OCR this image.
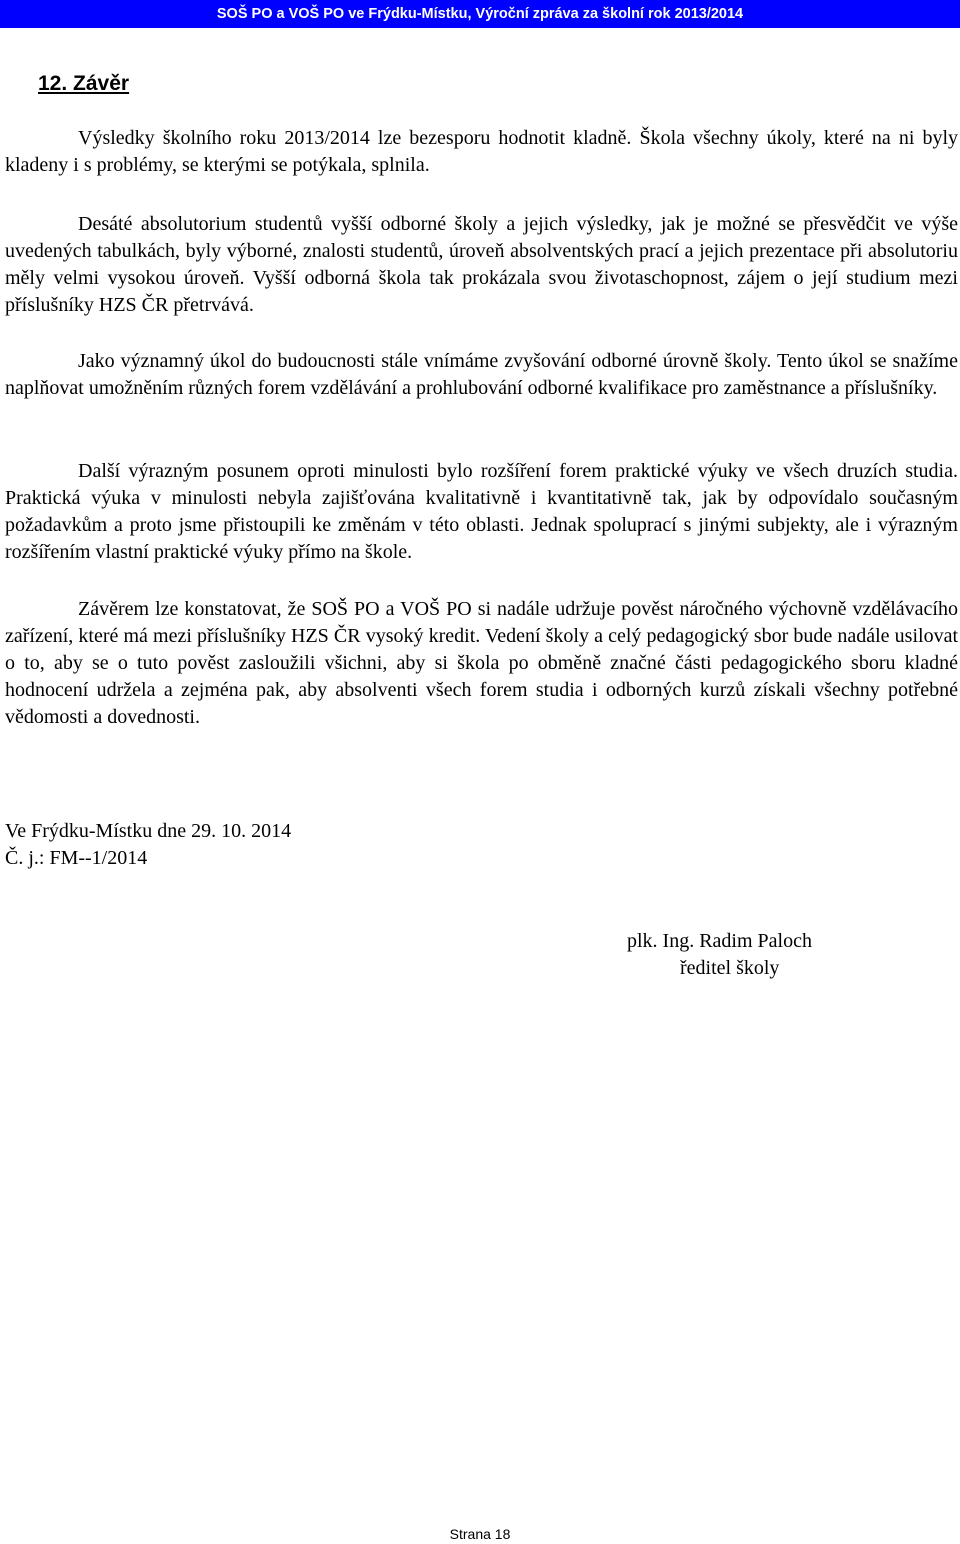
SOŠ PO a VOŠ PO ve Frýdku-Místku, Výroční zpráva za školní rok 2013/2014
12. Závěr

Výsledky školního roku 2013/2014 lze bezesporu hodnotit kladně. Škola všechny úkoly, které na ni byly kladeny i s problémy, se kterými se potýkala, splnila.

Desáté absolutorium studentů vyšší odborné školy a jejich výsledky, jak je možné se přesvědčit ve výše uvedených tabulkách, byly výborné, znalosti studentů, úroveň absolventských prací a jejich prezentace při absolutoriu měly velmi vysokou úroveň. Vyšší odborná škola tak prokázala svou životaschopnost, zájem o její studium mezi příslušníky HZS ČR přetrvává.

Jako významný úkol do budoucnosti stále vnímáme zvyšování odborné úrovně školy. Tento úkol se snažíme naplňovat umožněním různých forem vzdělávání a prohlubování odborné kvalifikace pro zaměstnance a příslušníky.

Další výrazným posunem oproti minulosti bylo rozšíření forem praktické výuky ve všech druzích studia. Praktická výuka v minulosti nebyla zajišťována kvalitativně i kvantitativně tak, jak by odpovídalo současným požadavkům a proto jsme přistoupili ke změnám v této oblasti. Jednak spoluprací s jinými subjekty, ale i výrazným rozšířením vlastní praktické výuky přímo na škole.

Závěrem lze konstatovat, že SOŠ PO a VOŠ PO si nadále udržuje pověst náročného výchovně vzdělávacího zařízení, které má mezi příslušníky HZS ČR vysoký kredit. Vedení školy a celý pedagogický sbor bude nadále usilovat o to, aby se o tuto pověst zasloužili všichni, aby si škola po obměně značné části pedagogického sboru kladné hodnocení udržela a zejména pak, aby absolventi všech forem studia i odborných kurzů získali všechny potřebné vědomosti a dovednosti.

Ve Frýdku-Místku dne 29. 10. 2014
Č. j.: FM--1/2014
plk. Ing. Radim Paloch
ředitel školy
Strana 18
